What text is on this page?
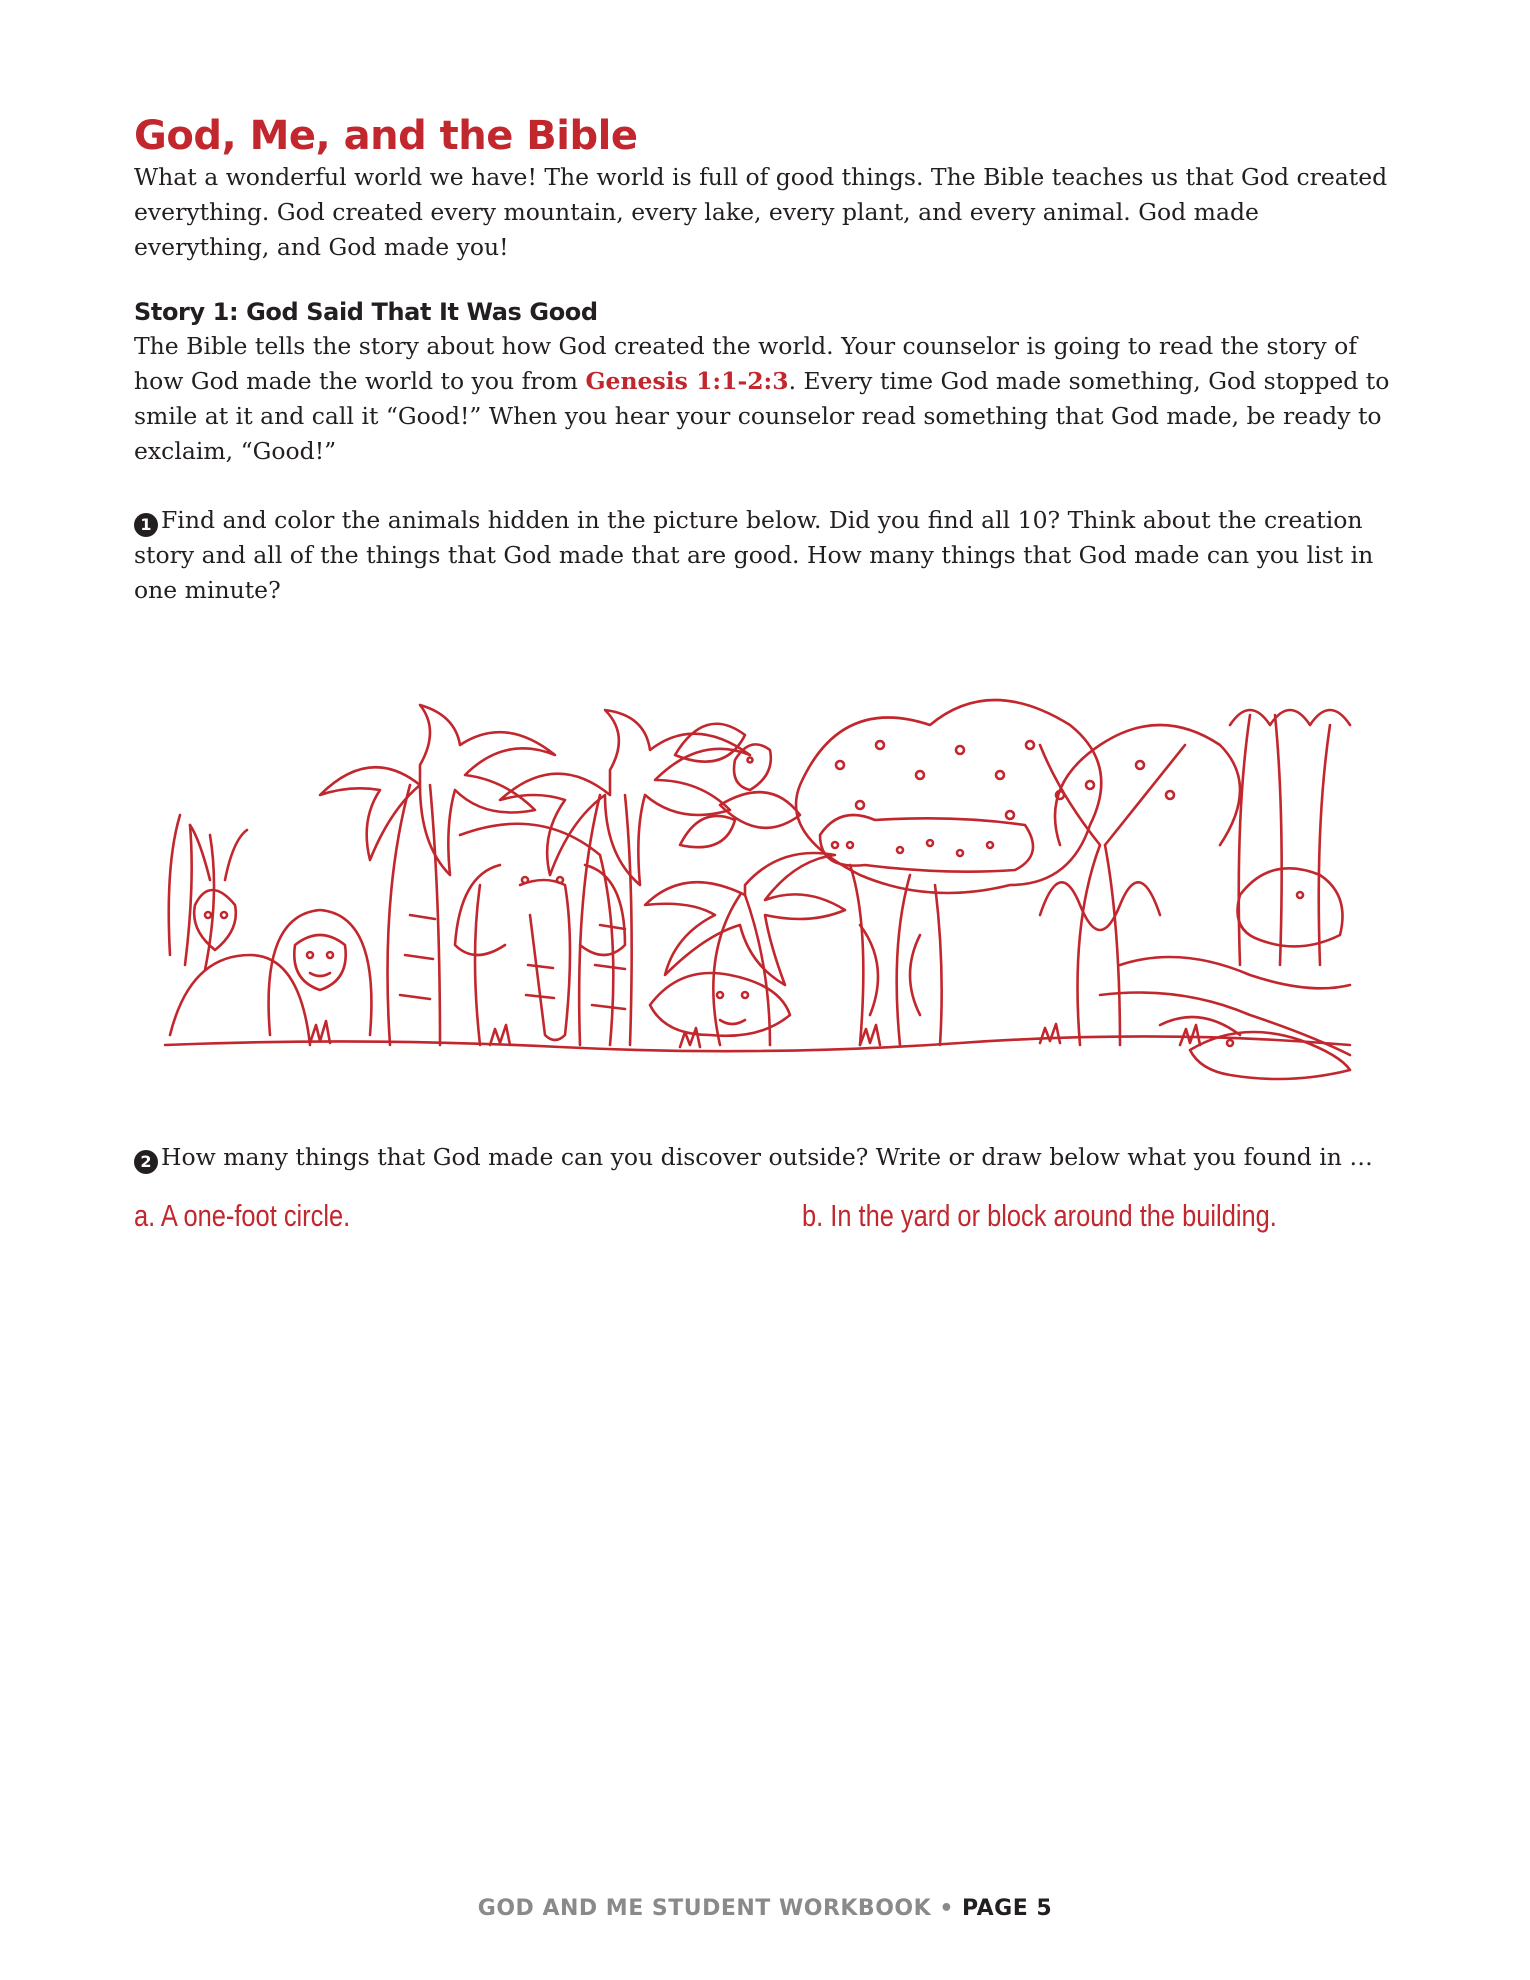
God, Me, and the Bible

What a wonderful world we have! The world is full of good things. The Bible teaches us that God created everything. God created every mountain, every lake, every plant, and every animal. God made everything, and God made you!

Story 1: God Said That It Was Good

The Bible tells the story about how God created the world. Your counselor is going to read the story of how God made the world to you from Genesis 1:1-2:3. Every time God made something, God stopped to smile at it and call it “Good!” When you hear your counselor read something that God made, be ready to exclaim, “Good!”

1 Find and color the animals hidden in the picture below. Did you find all 10? Think about the creation story and all of the things that God made that are good. How many things that God made can you list in one minute?

2 How many things that God made can you discover outside? Write or draw below what you found in …

a. A one-foot circle.	b. In the yard or block around the building.
GOD AND ME STUDENT WORKBOOK • PAGE 5
